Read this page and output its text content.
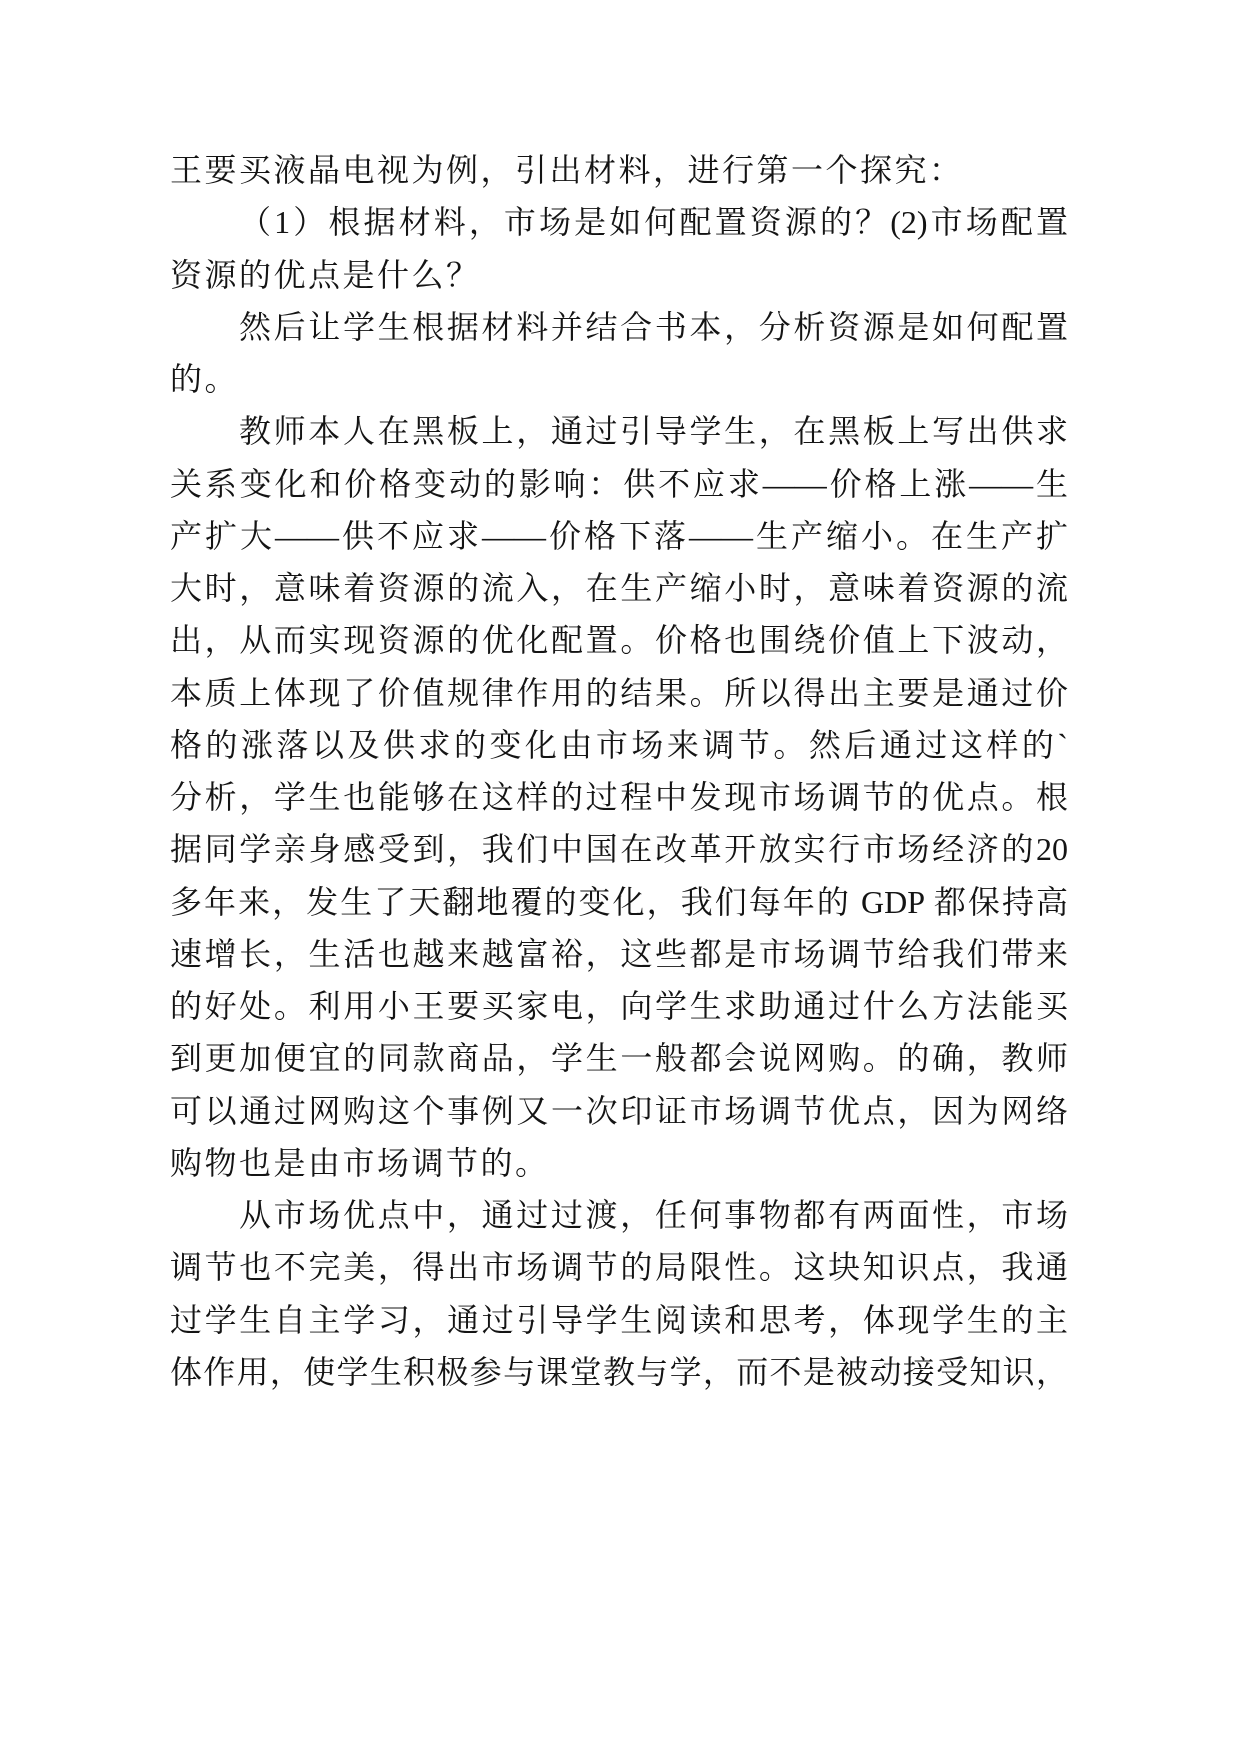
王要买液晶电视为例，引出材料，进行第一个探究：
（1）根据材料，市场是如何配置资源的？(2)市场配置
资源的优点是什么？
然后让学生根据材料并结合书本，分析资源是如何配置
的。
教师本人在黑板上，通过引导学生，在黑板上写出供求
关系变化和价格变动的影响：供不应求——价格上涨——生
产扩大——供不应求——价格下落——生产缩小。在生产扩
大时，意味着资源的流入，在生产缩小时，意味着资源的流
出，从而实现资源的优化配置。价格也围绕价值上下波动，
本质上体现了价值规律作用的结果。所以得出主要是通过价
格的涨落以及供求的变化由市场来调节。然后通过这样的`
分析，学生也能够在这样的过程中发现市场调节的优点。根
据同学亲身感受到，我们中国在改革开放实行市场经济的20
多年来，发生了天翻地覆的变化，我们每年的 GDP 都保持高
速增长，生活也越来越富裕，这些都是市场调节给我们带来
的好处。利用小王要买家电，向学生求助通过什么方法能买
到更加便宜的同款商品，学生一般都会说网购。的确，教师
可以通过网购这个事例又一次印证市场调节优点，因为网络
购物也是由市场调节的。
从市场优点中，通过过渡，任何事物都有两面性，市场
调节也不完美，得出市场调节的局限性。这块知识点，我通
过学生自主学习，通过引导学生阅读和思考，体现学生的主
体作用，使学生积极参与课堂教与学，而不是被动接受知识，
